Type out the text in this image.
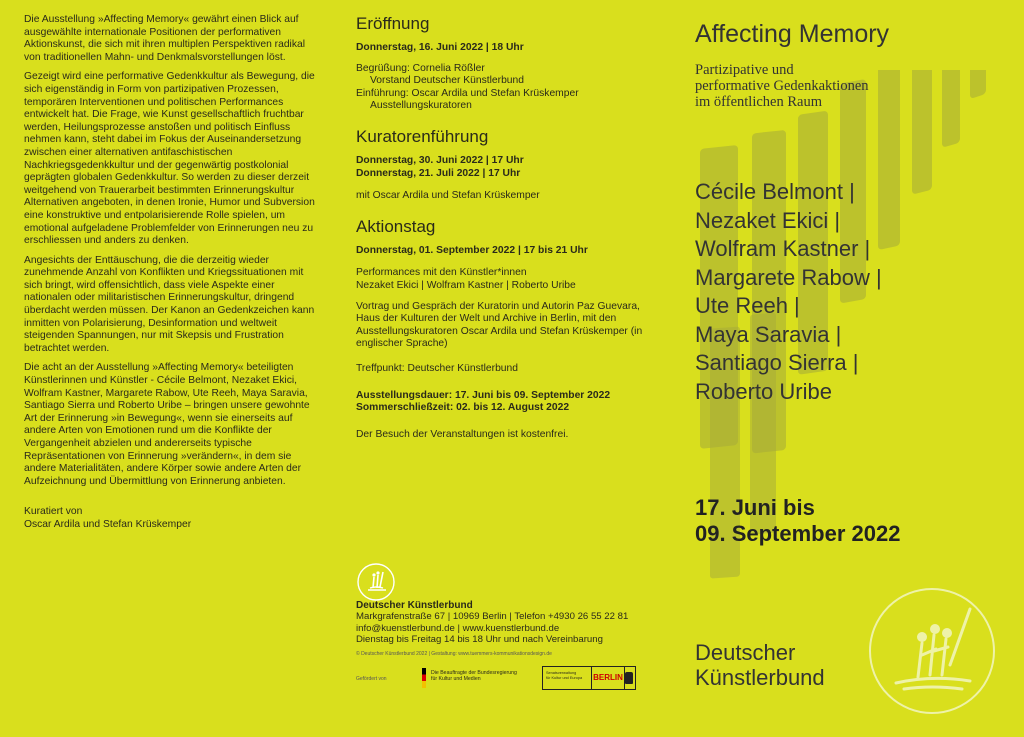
Die Ausstellung »Affecting Memory« gewährt einen Blick auf ausgewählte internationale Positionen der performativen Aktionskunst, die sich mit ihren multiplen Perspektiven radikal von traditionellen Mahn- und Denkmalsvorstellungen löst.

Gezeigt wird eine performative Gedenkkultur als Bewegung, die sich eigenständig in Form von partizipativen Prozessen, temporären Interventionen und politischen Performances entwickelt hat. Die Frage, wie Kunst gesellschaftlich fruchtbar werden, Heilungsprozesse anstoßen und politisch Einfluss nehmen kann, steht dabei im Fokus der Auseinandersetzung zwischen einer alternativen antifaschistischen Nachkriegsgedenkkultur und der gegenwärtig postkolonial geprägten globalen Gedenkkultur. So werden zu dieser derzeit weitgehend von Trauerarbeit bestimmten Erinnerungskultur Alternativen angeboten, in denen Ironie, Humor und Subversion eine konstruktive und entpolarisierende Rolle spielen, um emotional aufgeladene Problemfelder von Erinnerungen neu zu erschliessen und anders zu denken.

Angesichts der Enttäuschung, die die derzeitig wieder zunehmende Anzahl von Konflikten und Kriegssituationen mit sich bringt, wird offensichtlich, dass viele Aspekte einer nationalen oder militaristischen Erinnerungskultur, dringend überdacht werden müssen. Der Kanon an Gedenkzeichen kann inmitten von Polarisierung, Desinformation und weltweit steigenden Spannungen, nur mit Skepsis und Frustration betrachtet werden.

Die acht an der Ausstellung »Affecting Memory« beteiligten Künstlerinnen und Künstler - Cécile Belmont, Nezaket Ekici, Wolfram Kastner, Margarete Rabow, Ute Reeh, Maya Saravia, Santiago Sierra und Roberto Uribe – bringen unsere gewohnte Art der Erinnerung »in Bewegung«, wenn sie einerseits auf andere Arten von Emotionen rund um die Konflikte der Vergangenheit abzielen und andererseits typische Repräsentationen von Erinnerung »verändern«, in dem sie andere Materialitäten, andere Körper sowie andere Arten der Aufzeichnung und Übermittlung von Erinnerung anbieten.

Kuratiert von
Oscar Ardila und Stefan Krüskemper
Eröffnung
Donnerstag, 16. Juni 2022 | 18 Uhr
Begrüßung: Cornelia Rößler
Vorstand Deutscher Künstlerbund
Einführung: Oscar Ardila und Stefan Krüskemper
Ausstellungskuratoren
Kuratorenführung
Donnerstag, 30. Juni 2022 | 17 Uhr
Donnerstag, 21. Juli 2022 | 17 Uhr
mit Oscar Ardila und Stefan Krüskemper
Aktionstag
Donnerstag, 01. September 2022 | 17 bis 21 Uhr
Performances mit den Künstler*innen

Nezaket Ekici | Wolfram Kastner | Roberto Uribe

Vortrag und Gespräch der Kuratorin und Autorin Paz Guevara, Haus der Kulturen der Welt und Archive in Berlin, mit den Ausstellungskuratoren Oscar Ardila und Stefan Krüskemper (in englischer Sprache)

Treffpunkt: Deutscher Künstlerbund

Ausstellungsdauer: 17. Juni bis 09. September 2022
Sommerschließzeit: 02. bis 12. August 2022
Der Besuch der Veranstaltungen ist kostenfrei.
Deutscher Künstlerbund
Markgrafenstraße 67 | 10969 Berlin | Telefon +4930 26 55 22 81
info@kuenstlerbund.de | www.kuenstlerbund.de
Dienstag bis Freitag 14 bis 18 Uhr und nach Vereinbarung
© Deutscher Künstlerbund 2022 | Gestaltung: www.tuemmers-kommunikationsdesign.de
Gefördert von
Die Beauftragte der Bundesregierung
für Kultur und Medien
Senatsverwaltung
für Kultur und Europa	BERLIN
Affecting Memory
Partizipative und
performative Gedenkaktionen
im öffentlichen Raum
Cécile Belmont |
Nezaket Ekici |
Wolfram Kastner |
Margarete Rabow |
Ute Reeh |
Maya Saravia |
Santiago Sierra |
Roberto Uribe
17. Juni bis
09. September 2022
Deutscher
Künstlerbund
